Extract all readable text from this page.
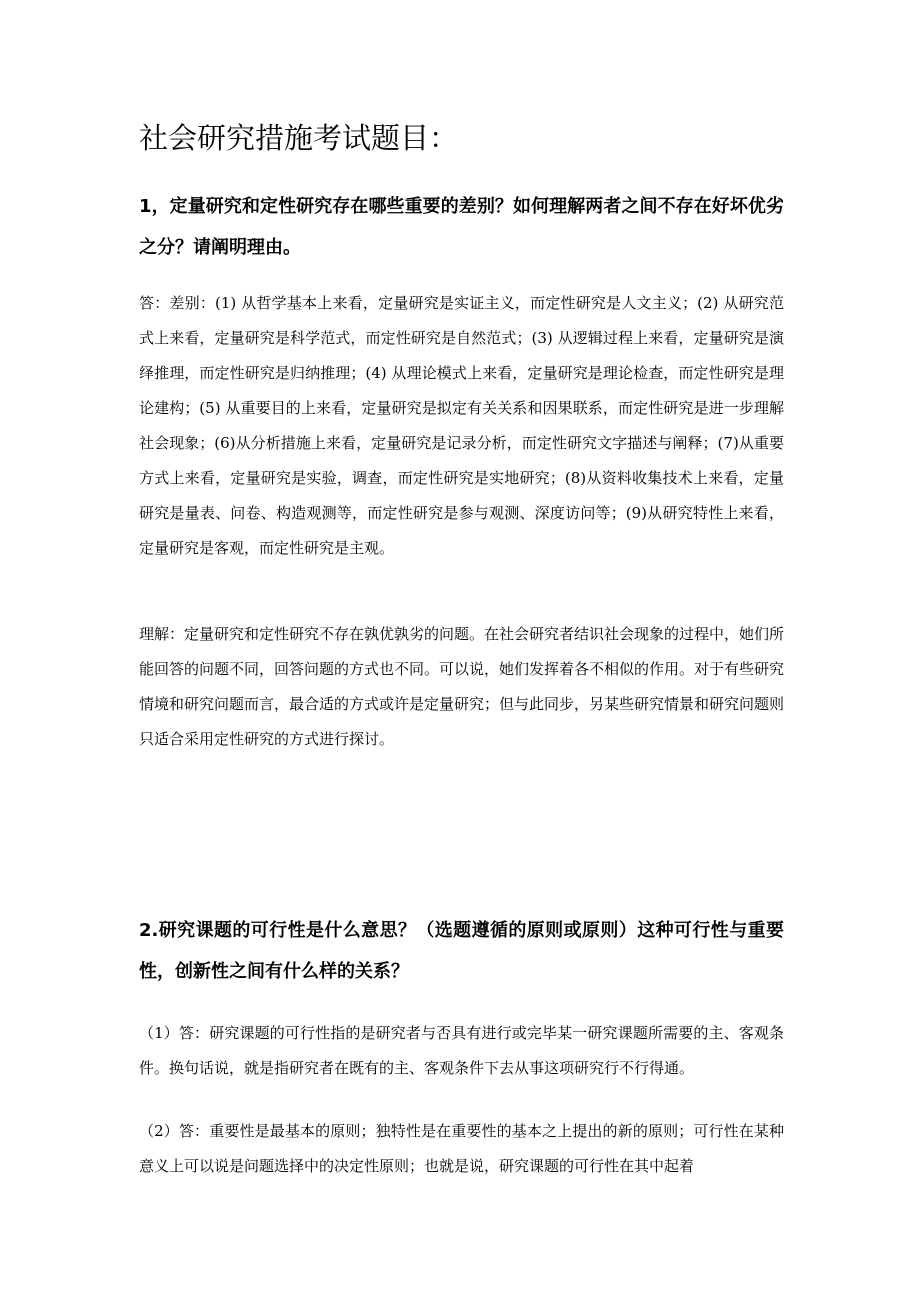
社会研究措施考试题目：

1，定量研究和定性研究存在哪些重要的差别？如何理解两者之间不存在好坏优劣之分？请阐明理由。

答：差别：(1) 从哲学基本上来看，定量研究是实证主义，而定性研究是人文主义；(2) 从研究范式上来看，定量研究是科学范式，而定性研究是自然范式；(3) 从逻辑过程上来看，定量研究是演绎推理，而定性研究是归纳推理；(4) 从理论模式上来看，定量研究是理论检查，而定性研究是理论建构；(5) 从重要目的上来看，定量研究是拟定有关关系和因果联系，而定性研究是进一步理解社会现象；(6)从分析措施上来看，定量研究是记录分析，而定性研究文字描述与阐释；(7)从重要方式上来看，定量研究是实验，调查，而定性研究是实地研究；(8)从资料收集技术上来看，定量研究是量表、问卷、构造观测等，而定性研究是参与观测、深度访问等；(9)从研究特性上来看，定量研究是客观，而定性研究是主观。

理解：定量研究和定性研究不存在孰优孰劣的问题。在社会研究者结识社会现象的过程中，她们所能回答的问题不同，回答问题的方式也不同。可以说，她们发挥着各不相似的作用。对于有些研究情境和研究问题而言，最合适的方式或许是定量研究；但与此同步，另某些研究情景和研究问题则只适合采用定性研究的方式进行探讨。

2.研究课题的可行性是什么意思？（选题遵循的原则或原则）这种可行性与重要性，创新性之间有什么样的关系？

（1）答：研究课题的可行性指的是研究者与否具有进行或完毕某一研究课题所需要的主、客观条件。换句话说，就是指研究者在既有的主、客观条件下去从事这项研究行不行得通。

（2）答：重要性是最基本的原则；独特性是在重要性的基本之上提出的新的原则；可行性在某种意义上可以说是问题选择中的决定性原则；也就是说，研究课题的可行性在其中起着
